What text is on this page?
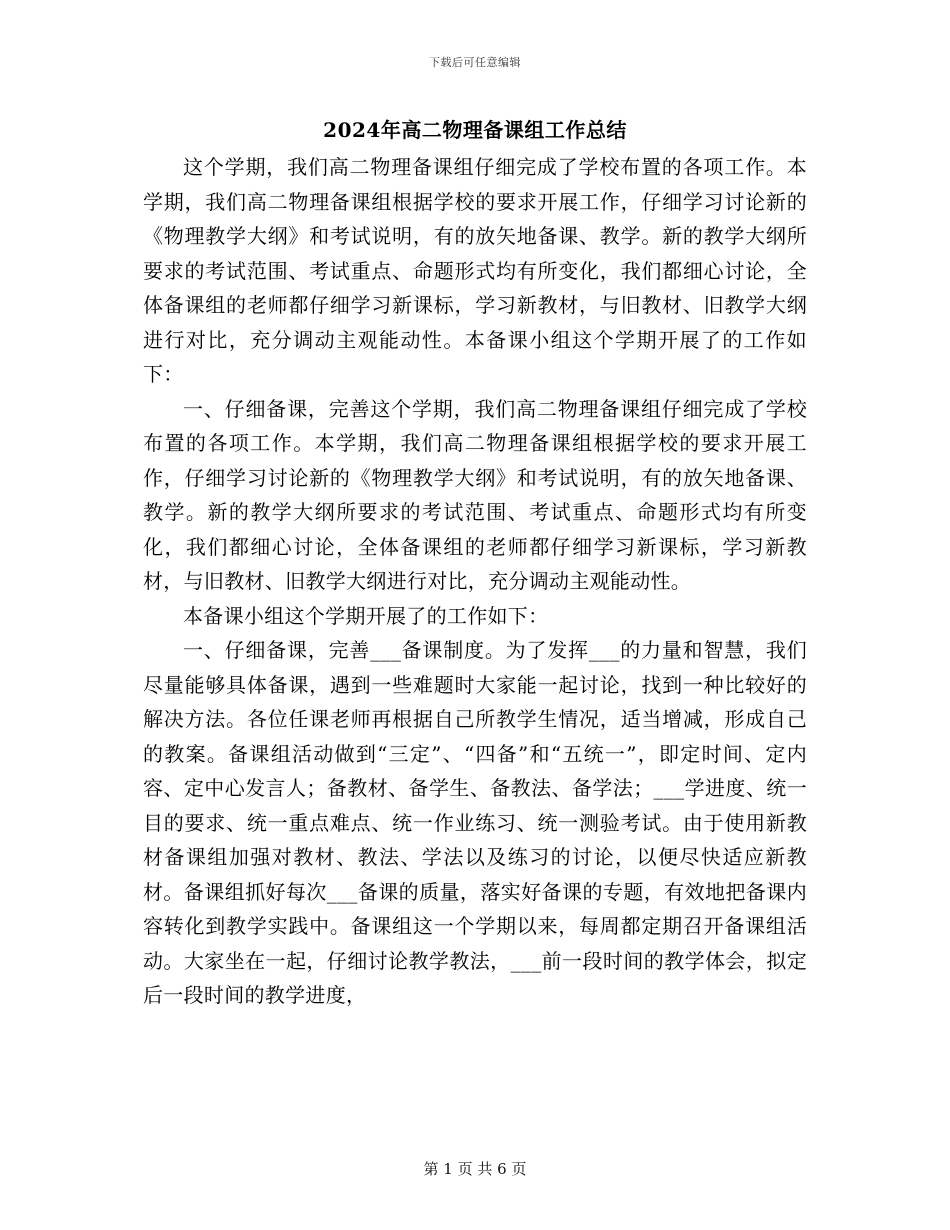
下载后可任意编辑
2024年高二物理备课组工作总结

这个学期，我们高二物理备课组仔细完成了学校布置的各项工作。本学期，我们高二物理备课组根据学校的要求开展工作，仔细学习讨论新的《物理教学大纲》和考试说明，有的放矢地备课、教学。新的教学大纲所要求的考试范围、考试重点、命题形式均有所变化，我们都细心讨论，全体备课组的老师都仔细学习新课标，学习新教材，与旧教材、旧教学大纲进行对比，充分调动主观能动性。本备课小组这个学期开展了的工作如下：

一、仔细备课，完善这个学期，我们高二物理备课组仔细完成了学校布置的各项工作。本学期，我们高二物理备课组根据学校的要求开展工作，仔细学习讨论新的《物理教学大纲》和考试说明，有的放矢地备课、教学。新的教学大纲所要求的考试范围、考试重点、命题形式均有所变化，我们都细心讨论，全体备课组的老师都仔细学习新课标，学习新教材，与旧教材、旧教学大纲进行对比，充分调动主观能动性。

本备课小组这个学期开展了的工作如下：

一、仔细备课，完善___备课制度。为了发挥___的力量和智慧，我们尽量能够具体备课，遇到一些难题时大家能一起讨论，找到一种比较好的解决方法。各位任课老师再根据自己所教学生情况，适当增减，形成自己的教案。备课组活动做到“三定”、“四备”和“五统一”，即定时间、定内容、定中心发言人；备教材、备学生、备教法、备学法；___学进度、统一目的要求、统一重点难点、统一作业练习、统一测验考试。由于使用新教材备课组加强对教材、教法、学法以及练习的讨论，以便尽快适应新教材。备课组抓好每次___备课的质量，落实好备课的专题，有效地把备课内容转化到教学实践中。备课组这一个学期以来，每周都定期召开备课组活动。大家坐在一起，仔细讨论教学教法，___前一段时间的教学体会，拟定后一段时间的教学进度，

第 1 页 共 6 页
